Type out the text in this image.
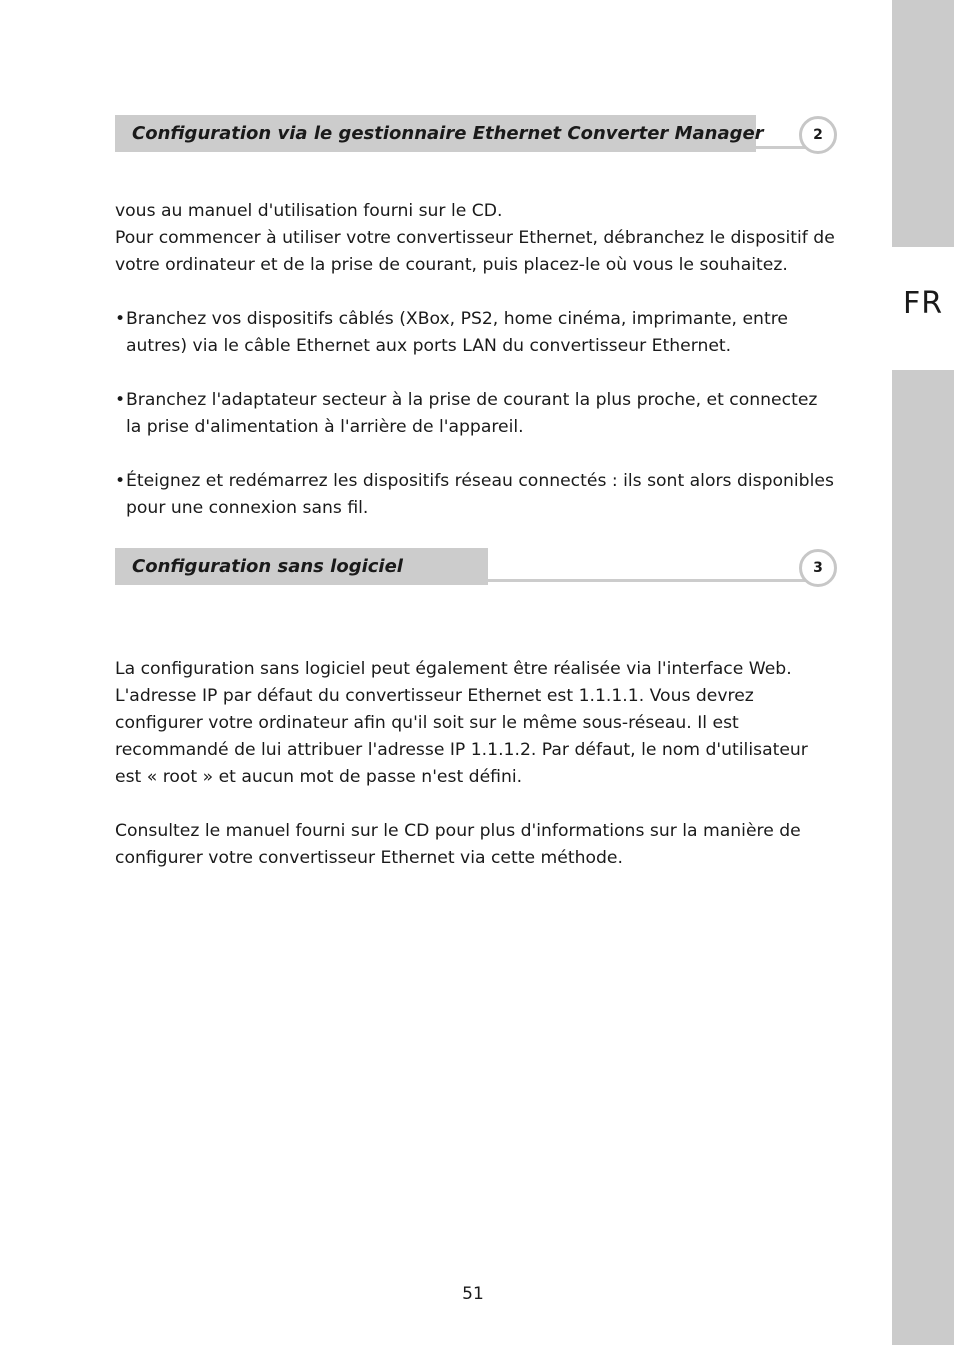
FR
Configuration via le gestionnaire Ethernet Converter Manager	2

vous au manuel d'utilisation fourni sur le CD.

Pour commencer à utiliser votre convertisseur Ethernet, débranchez le dispositif de votre ordinateur et de la prise de courant, puis placez-le où vous le souhaitez.

• Branchez vos dispositifs câblés (XBox, PS2, home cinéma, imprimante, entre autres) via le câble Ethernet aux ports LAN du convertisseur Ethernet.
• Branchez l'adaptateur secteur à la prise de courant la plus proche, et connectez la prise d'alimentation à l'arrière de l'appareil.
• Éteignez et redémarrez les dispositifs réseau connectés : ils sont alors disponibles pour une connexion sans fil.
Configuration sans logiciel	3

La configuration sans logiciel peut également être réalisée via l'interface Web. L'adresse IP par défaut du convertisseur Ethernet est 1.1.1.1. Vous devrez configurer votre ordinateur afin qu'il soit sur le même sous-réseau. Il est recommandé de lui attribuer l'adresse IP 1.1.1.2. Par défaut, le nom d'utilisateur est « root » et aucun mot de passe n'est défini.

Consultez le manuel fourni sur le CD pour plus d'informations sur la manière de configurer votre convertisseur Ethernet via cette méthode.

51
